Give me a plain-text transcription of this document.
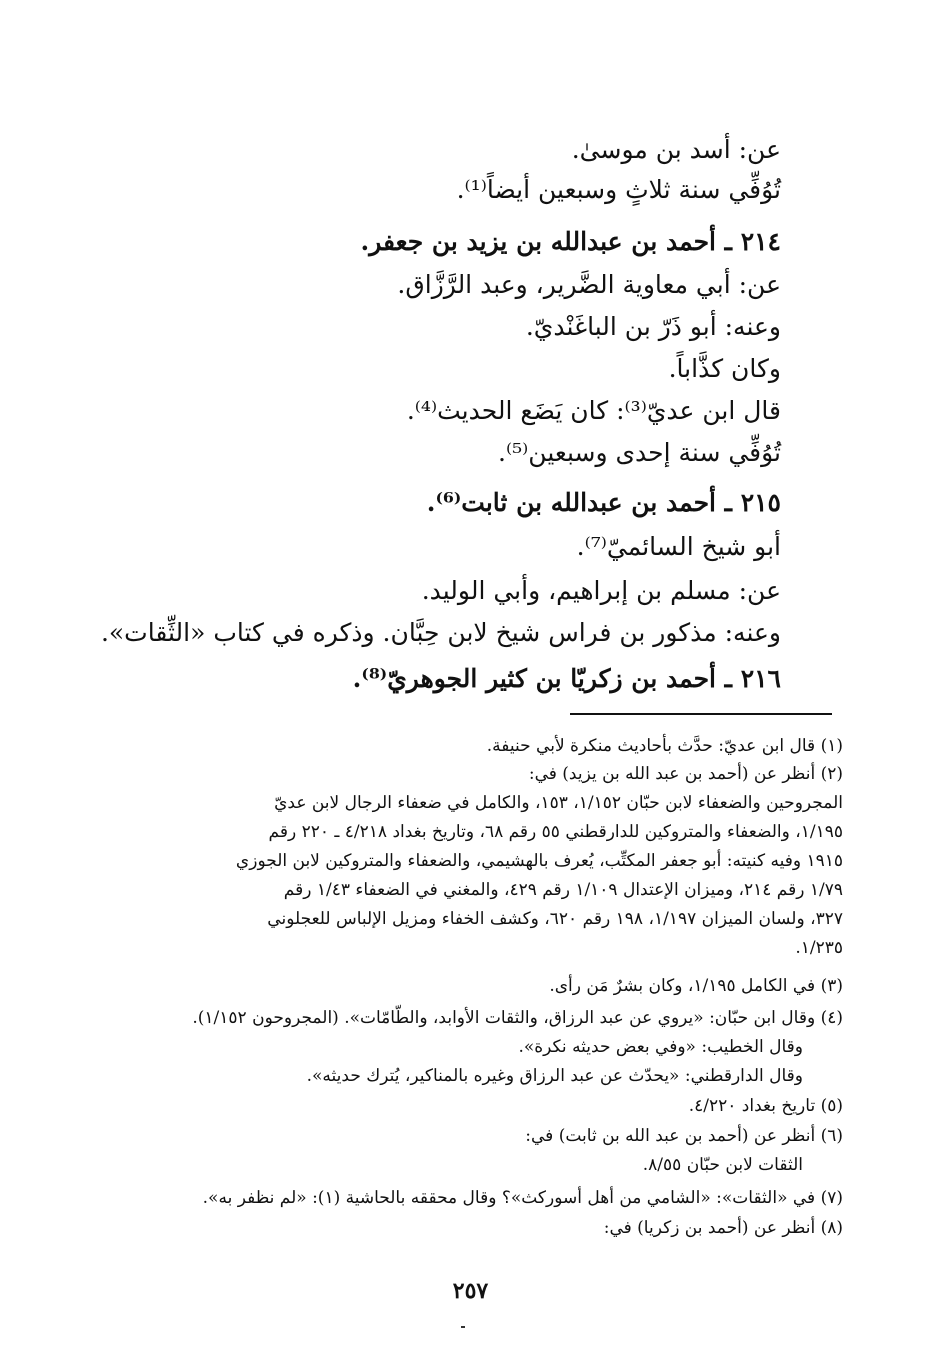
عن: أسد بن موسىٰ.
تُوُفِّي سنة ثلاثٍ وسبعين أيضاً⁽¹⁾.
٢١٤ ـ أحمد بن عبدالله بن يزيد بن جعفر.
عن: أبي معاوية الضَّرير، وعبد الرَّزَّاق.
وعنه: أبو ذَرّ بن الباغَنْديّ.
وكان كذَّاباً.
قال ابن عديّ⁽³⁾: كان يَضَع الحديث⁽⁴⁾.
تُوُفِّي سنة إحدى وسبعين⁽⁵⁾.
٢١٥ ـ أحمد بن عبدالله بن ثابت⁽⁶⁾.
أبو شيخ السائميّ⁽⁷⁾.
عن: مسلم بن إبراهيم، وأبي الوليد.
وعنه: مذكور بن فراس شيخ لابن حِبَّان. وذكره في كتاب «الثِّقات».
٢١٦ ـ أحمد بن زكريّا بن كثير الجوهريّ⁽⁸⁾.
(١) قال ابن عديّ: حدَّث بأحاديث منكرة لأبي حنيفة.
(٢) أنظر عن (أحمد بن عبد الله بن يزيد) في:
المجروحين والضعفاء لابن حبّان ١/١٥٢، ١٥٣، والكامل في ضعفاء الرجال لابن عديّ
١/١٩٥، والضعفاء والمتروكين للدارقطني ٥٥ رقم ٦٨، وتاريخ بغداد ٤/٢١٨ ـ ٢٢٠ رقم
١٩١٥ وفيه كنيته: أبو جعفر المكتِّب، يُعرف بالهشيمي، والضعفاء والمتروكين لابن الجوزي
١/٧٩ رقم ٢١٤، وميزان الإعتدال ١/١٠٩ رقم ٤٢٩، والمغني في الضعفاء ١/٤٣ رقم
٣٢٧، ولسان الميزان ١/١٩٧، ١٩٨ رقم ٦٢٠، وكشف الخفاء ومزيل الإلباس للعجلوني
١/٢٣٥.
(٣) في الكامل ١/١٩٥، وكان بشرٌ مَن رأى.
(٤) وقال ابن حبّان: «يروي عن عبد الرزاق، والثقات الأوابد، والطّامّات». (المجروحون ١/١٥٢).
وقال الخطيب: «وفي بعض حديثه نكرة».
وقال الدارقطني: «يحدّث عن عبد الرزاق وغيره بالمناكير، يُترك حديثه».
(٥) تاريخ بغداد ٤/٢٢٠.
(٦) أنظر عن (أحمد بن عبد الله بن ثابت) في:
الثقات لابن حبّان ٨/٥٥.
(٧) في «الثقات»: «الشامي من أهل أسوركث»؟ وقال محققه بالحاشية (١): «لم نظفر به».
(٨) أنظر عن (أحمد بن زكريا) في:
٢٥٧
